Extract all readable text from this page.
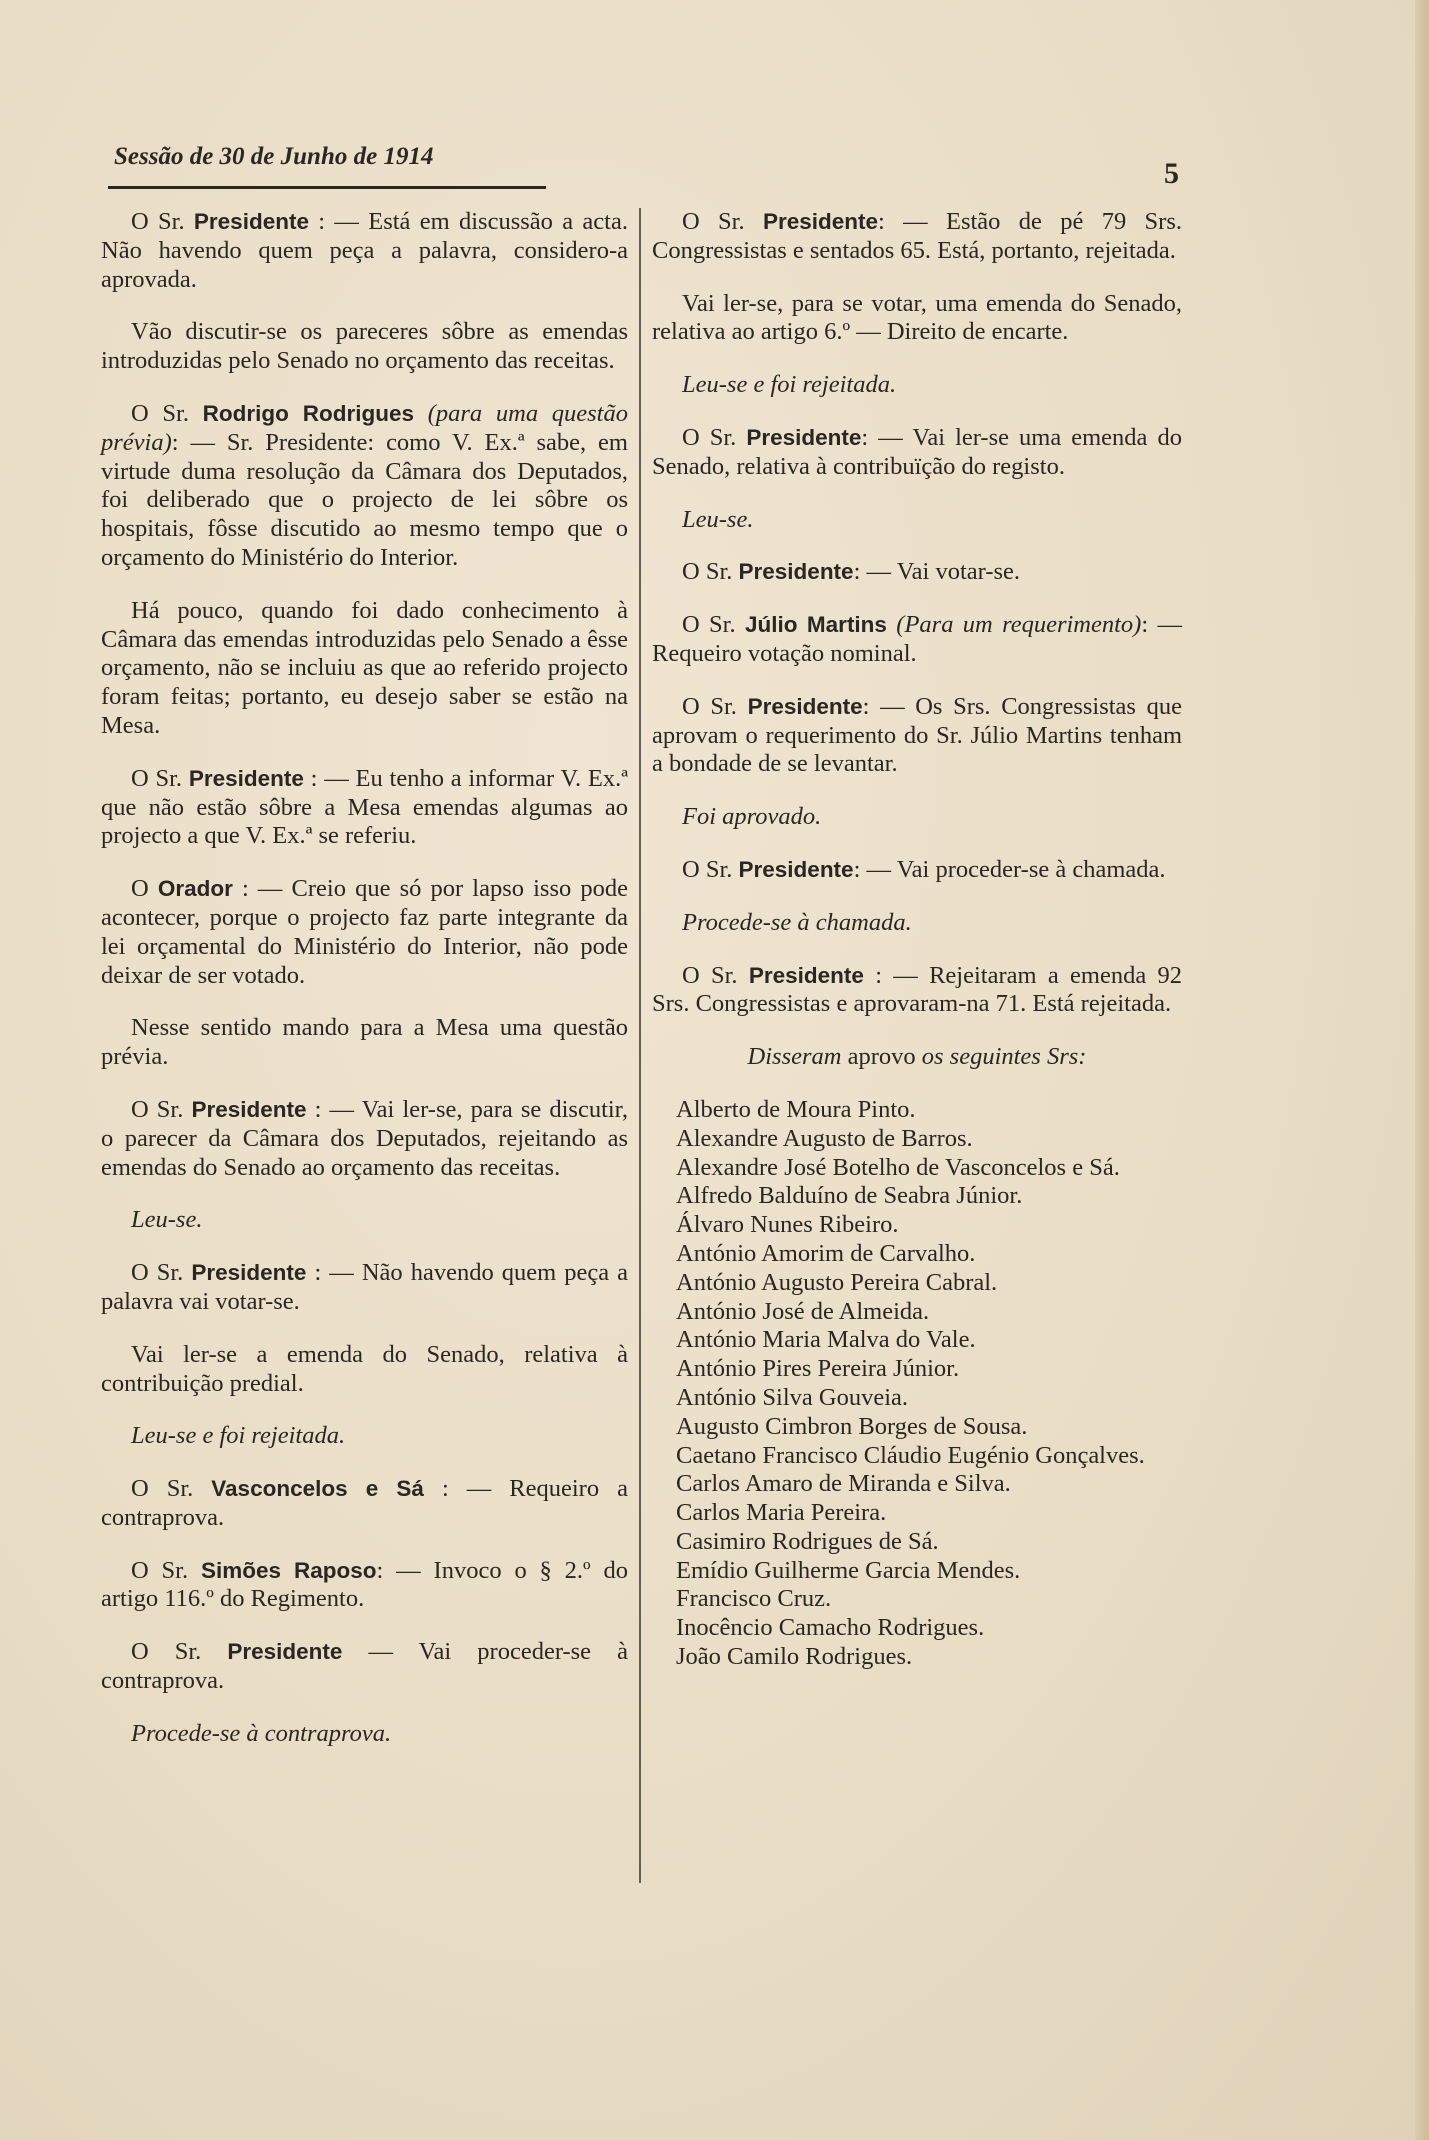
Sessão de 30 de Junho de 1914
5

O Sr. Presidente : — Está em discussão a acta. Não havendo quem peça a palavra, considero-a aprovada.

Vão discutir-se os pareceres sôbre as emendas introduzidas pelo Senado no orçamento das receitas.

O Sr. Rodrigo Rodrigues (para uma questão prévia): — Sr. Presidente: como V. Ex.ª sabe, em virtude duma resolução da Câmara dos Deputados, foi deliberado que o projecto de lei sôbre os hospitais, fôsse discutido ao mesmo tempo que o orçamento do Ministério do Interior.

Há pouco, quando foi dado conhecimento à Câmara das emendas introduzidas pelo Senado a êsse orçamento, não se incluiu as que ao referido projecto foram feitas; portanto, eu desejo saber se estão na Mesa.

O Sr. Presidente : — Eu tenho a informar V. Ex.ª que não estão sôbre a Mesa emendas algumas ao projecto a que V. Ex.ª se referiu.

O Orador : — Creio que só por lapso isso pode acontecer, porque o projecto faz parte integrante da lei orçamental do Ministério do Interior, não pode deixar de ser votado.

Nesse sentido mando para a Mesa uma questão prévia.

O Sr. Presidente : — Vai ler-se, para se discutir, o parecer da Câmara dos Deputados, rejeitando as emendas do Senado ao orçamento das receitas.

Leu-se.

O Sr. Presidente : — Não havendo quem peça a palavra vai votar-se.

Vai ler-se a emenda do Senado, relativa à contribuição predial.

Leu-se e foi rejeitada.

O Sr. Vasconcelos e Sá : — Requeiro a contraprova.

O Sr. Simões Raposo: — Invoco o § 2.º do artigo 116.º do Regimento.

O Sr. Presidente — Vai proceder-se à contraprova.

Procede-se à contraprova.

O Sr. Presidente: — Estão de pé 79 Srs. Congressistas e sentados 65. Está, portanto, rejeitada.

Vai ler-se, para se votar, uma emenda do Senado, relativa ao artigo 6.º — Direito de encarte.

Leu-se e foi rejeitada.

O Sr. Presidente: — Vai ler-se uma emenda do Senado, relativa à contribuïção do registo.

Leu-se.

O Sr. Presidente: — Vai votar-se.

O Sr. Júlio Martins (Para um requerimento): — Requeiro votação nominal.

O Sr. Presidente: — Os Srs. Congressistas que aprovam o requerimento do Sr. Júlio Martins tenham a bondade de se levantar.

Foi aprovado.

O Sr. Presidente: — Vai proceder-se à chamada.

Procede-se à chamada.

O Sr. Presidente : — Rejeitaram a emenda 92 Srs. Congressistas e aprovaram-na 71. Está rejeitada.

Disseram aprovo os seguintes Srs:

Alberto de Moura Pinto.
Alexandre Augusto de Barros.
Alexandre José Botelho de Vasconcelos e Sá.
Alfredo Balduíno de Seabra Júnior.
Álvaro Nunes Ribeiro.
António Amorim de Carvalho.
António Augusto Pereira Cabral.
António José de Almeida.
António Maria Malva do Vale.
António Pires Pereira Júnior.
António Silva Gouveia.
Augusto Cimbron Borges de Sousa.
Caetano Francisco Cláudio Eugénio Gonçalves.
Carlos Amaro de Miranda e Silva.
Carlos Maria Pereira.
Casimiro Rodrigues de Sá.
Emídio Guilherme Garcia Mendes.
Francisco Cruz.
Inocêncio Camacho Rodrigues.
João Camilo Rodrigues.
